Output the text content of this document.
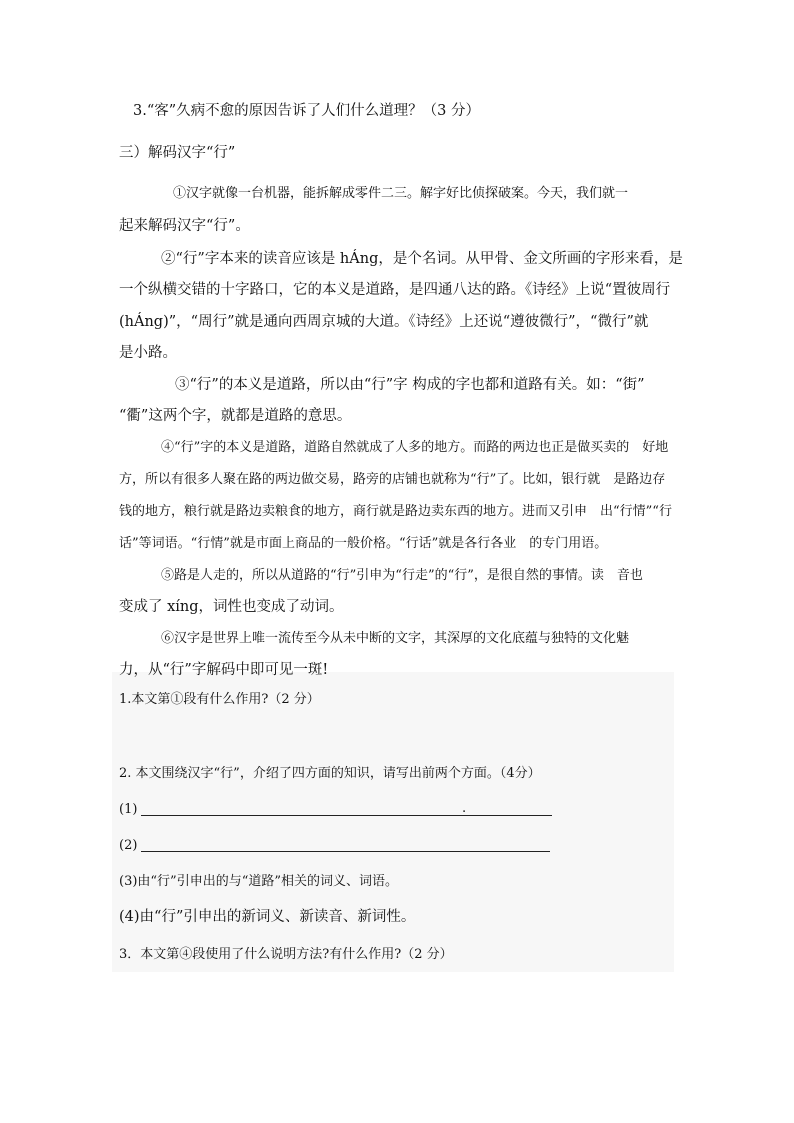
3.“客”久病不愈的原因告诉了人们什么道理？（3 分）
三）解码汉字“行”
①汉字就像一台机器，能拆解成零件二三。解字好比侦探破案。今天，我们就一
起来解码汉字“行”。
②“行”字本来的读音应该是 hÁng，是个名词。从甲骨、金文所画的字形来看，是
一个纵横交错的十字路口，它的本义是道路，是四通八达的路。《诗经》上说“置彼周行
(hÁng)”，“周行”就是通向西周京城的大道。《诗经》上还说“遵彼微行”，“微行”就
是小路。
③“行”的本义是道路，所以由“行”字 构成的字也都和道路有关。如：“街”
“衢”这两个字，就都是道路的意思。
④“行”字的本义是道路，道路自然就成了人多的地方。而路的两边也正是做买卖的　好地
方，所以有很多人聚在路的两边做交易，路旁的店铺也就称为“行”了。比如，银行就　是路边存
钱的地方，粮行就是路边卖粮食的地方，商行就是路边卖东西的地方。进而又引申　出“行情”“行
话”等词语。“行情”就是市面上商品的一般价格。“行话”就是各行各业　的专门用语。
⑤路是人走的，所以从道路的“行”引申为“行走”的“行”，是很自然的事情。读　音也
变成了 xíng，词性也变成了动词。
⑥汉字是世界上唯一流传至今从未中断的文字，其深厚的文化底蕴与独特的文化魅
力，从“行”字解码中即可见一斑!
1.本文第①段有什么作用?（2 分）
2. 本文围绕汉字“行”，介绍了四方面的知识，请写出前两个方面。（4分）
(1)	.
(2)
(3)由“行”引申出的与“道路”相关的词义、词语。
(4)由“行”引申出的新词义、新读音、新词性。
3．本文第④段使用了什么说明方法?有什么作用?（2 分）
